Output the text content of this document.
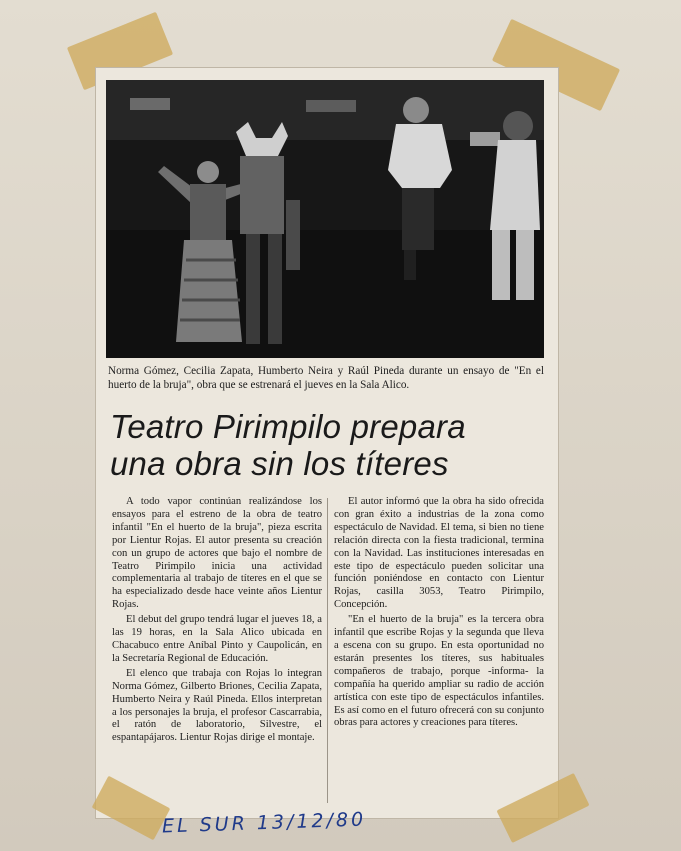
Norma Gómez, Cecilia Zapata, Humberto Neira y Raúl Pineda durante un ensayo de "En el huerto de la bruja", obra que se estrenará el jueves en la Sala Alico.
Teatro Pirimpilo prepara
una obra sin los títeres

A todo vapor continúan realizándose los ensayos para el estreno de la obra de teatro infantil "En el huerto de la bruja", pieza escrita por Lientur Rojas. El autor presenta su creación con un grupo de actores que bajo el nombre de Teatro Pirimpilo inicia una actividad complementaria al trabajo de títeres en el que se ha especializado desde hace veinte años Lientur Rojas.

El debut del grupo tendrá lugar el jueves 18, a las 19 horas, en la Sala Alico ubicada en Chacabuco entre Aníbal Pinto y Caupolicán, en la Secretaría Regional de Educación.

El elenco que trabaja con Rojas lo integran Norma Gómez, Gilberto Briones, Cecilia Zapata, Humberto Neira y Raúl Pineda. Ellos interpretan a los personajes la bruja, el profesor Cascarrabia, el ratón de laboratorio, Silvestre, el espantapájaros. Lientur Rojas dirige el montaje.

El autor informó que la obra ha sido ofrecida con gran éxito a industrias de la zona como espectáculo de Navidad. El tema, si bien no tiene relación directa con la fiesta tradicional, termina con la Navidad. Las instituciones interesadas en este tipo de espectáculo pueden solicitar una función poniéndose en contacto con Lientur Rojas, casilla 3053, Teatro Pirimpilo, Concepción.

"En el huerto de la bruja" es la tercera obra infantil que escribe Rojas y la segunda que lleva a escena con su grupo. En esta oportunidad no estarán presentes los títeres, sus habituales compañeros de trabajo, porque -informa- la compañía ha querido ampliar su radio de acción artística con este tipo de espectáculos infantiles. Es así como en el futuro ofrecerá con su conjunto obras para actores y creaciones para títeres.

EL SUR 13/12/80
